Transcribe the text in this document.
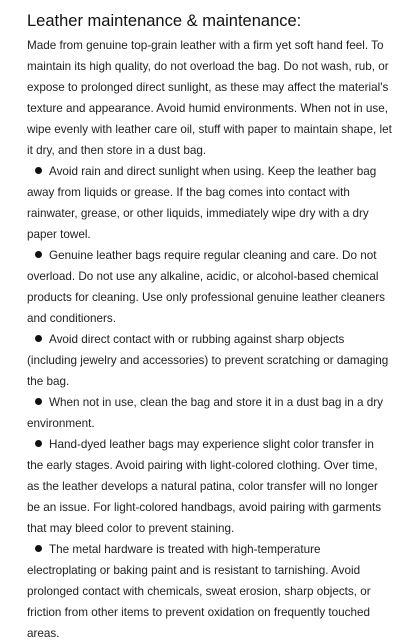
Leather maintenance & maintenance:

Made from genuine top-grain leather with a firm yet soft hand feel. To maintain its high quality, do not overload the bag. Do not wash, rub, or expose to prolonged direct sunlight, as these may affect the material's texture and appearance. Avoid humid environments. When not in use, wipe evenly with leather care oil, stuff with paper to maintain shape, let it dry, and then store in a dust bag.

Avoid rain and direct sunlight when using. Keep the leather bag away from liquids or grease. If the bag comes into contact with rainwater, grease, or other liquids, immediately wipe dry with a dry paper towel.
Genuine leather bags require regular cleaning and care. Do not overload. Do not use any alkaline, acidic, or alcohol-based chemical products for cleaning. Use only professional genuine leather cleaners and conditioners.
Avoid direct contact with or rubbing against sharp objects (including jewelry and accessories) to prevent scratching or damaging the bag.
When not in use, clean the bag and store it in a dust bag in a dry environment.
Hand-dyed leather bags may experience slight color transfer in the early stages. Avoid pairing with light-colored clothing. Over time, as the leather develops a natural patina, color transfer will no longer be an issue. For light-colored handbags, avoid pairing with garments that may bleed color to prevent staining.
The metal hardware is treated with high-temperature electroplating or baking paint and is resistant to tarnishing. Avoid prolonged contact with chemicals, sweat erosion, sharp objects, or friction from other items to prevent oxidation on frequently touched areas.
